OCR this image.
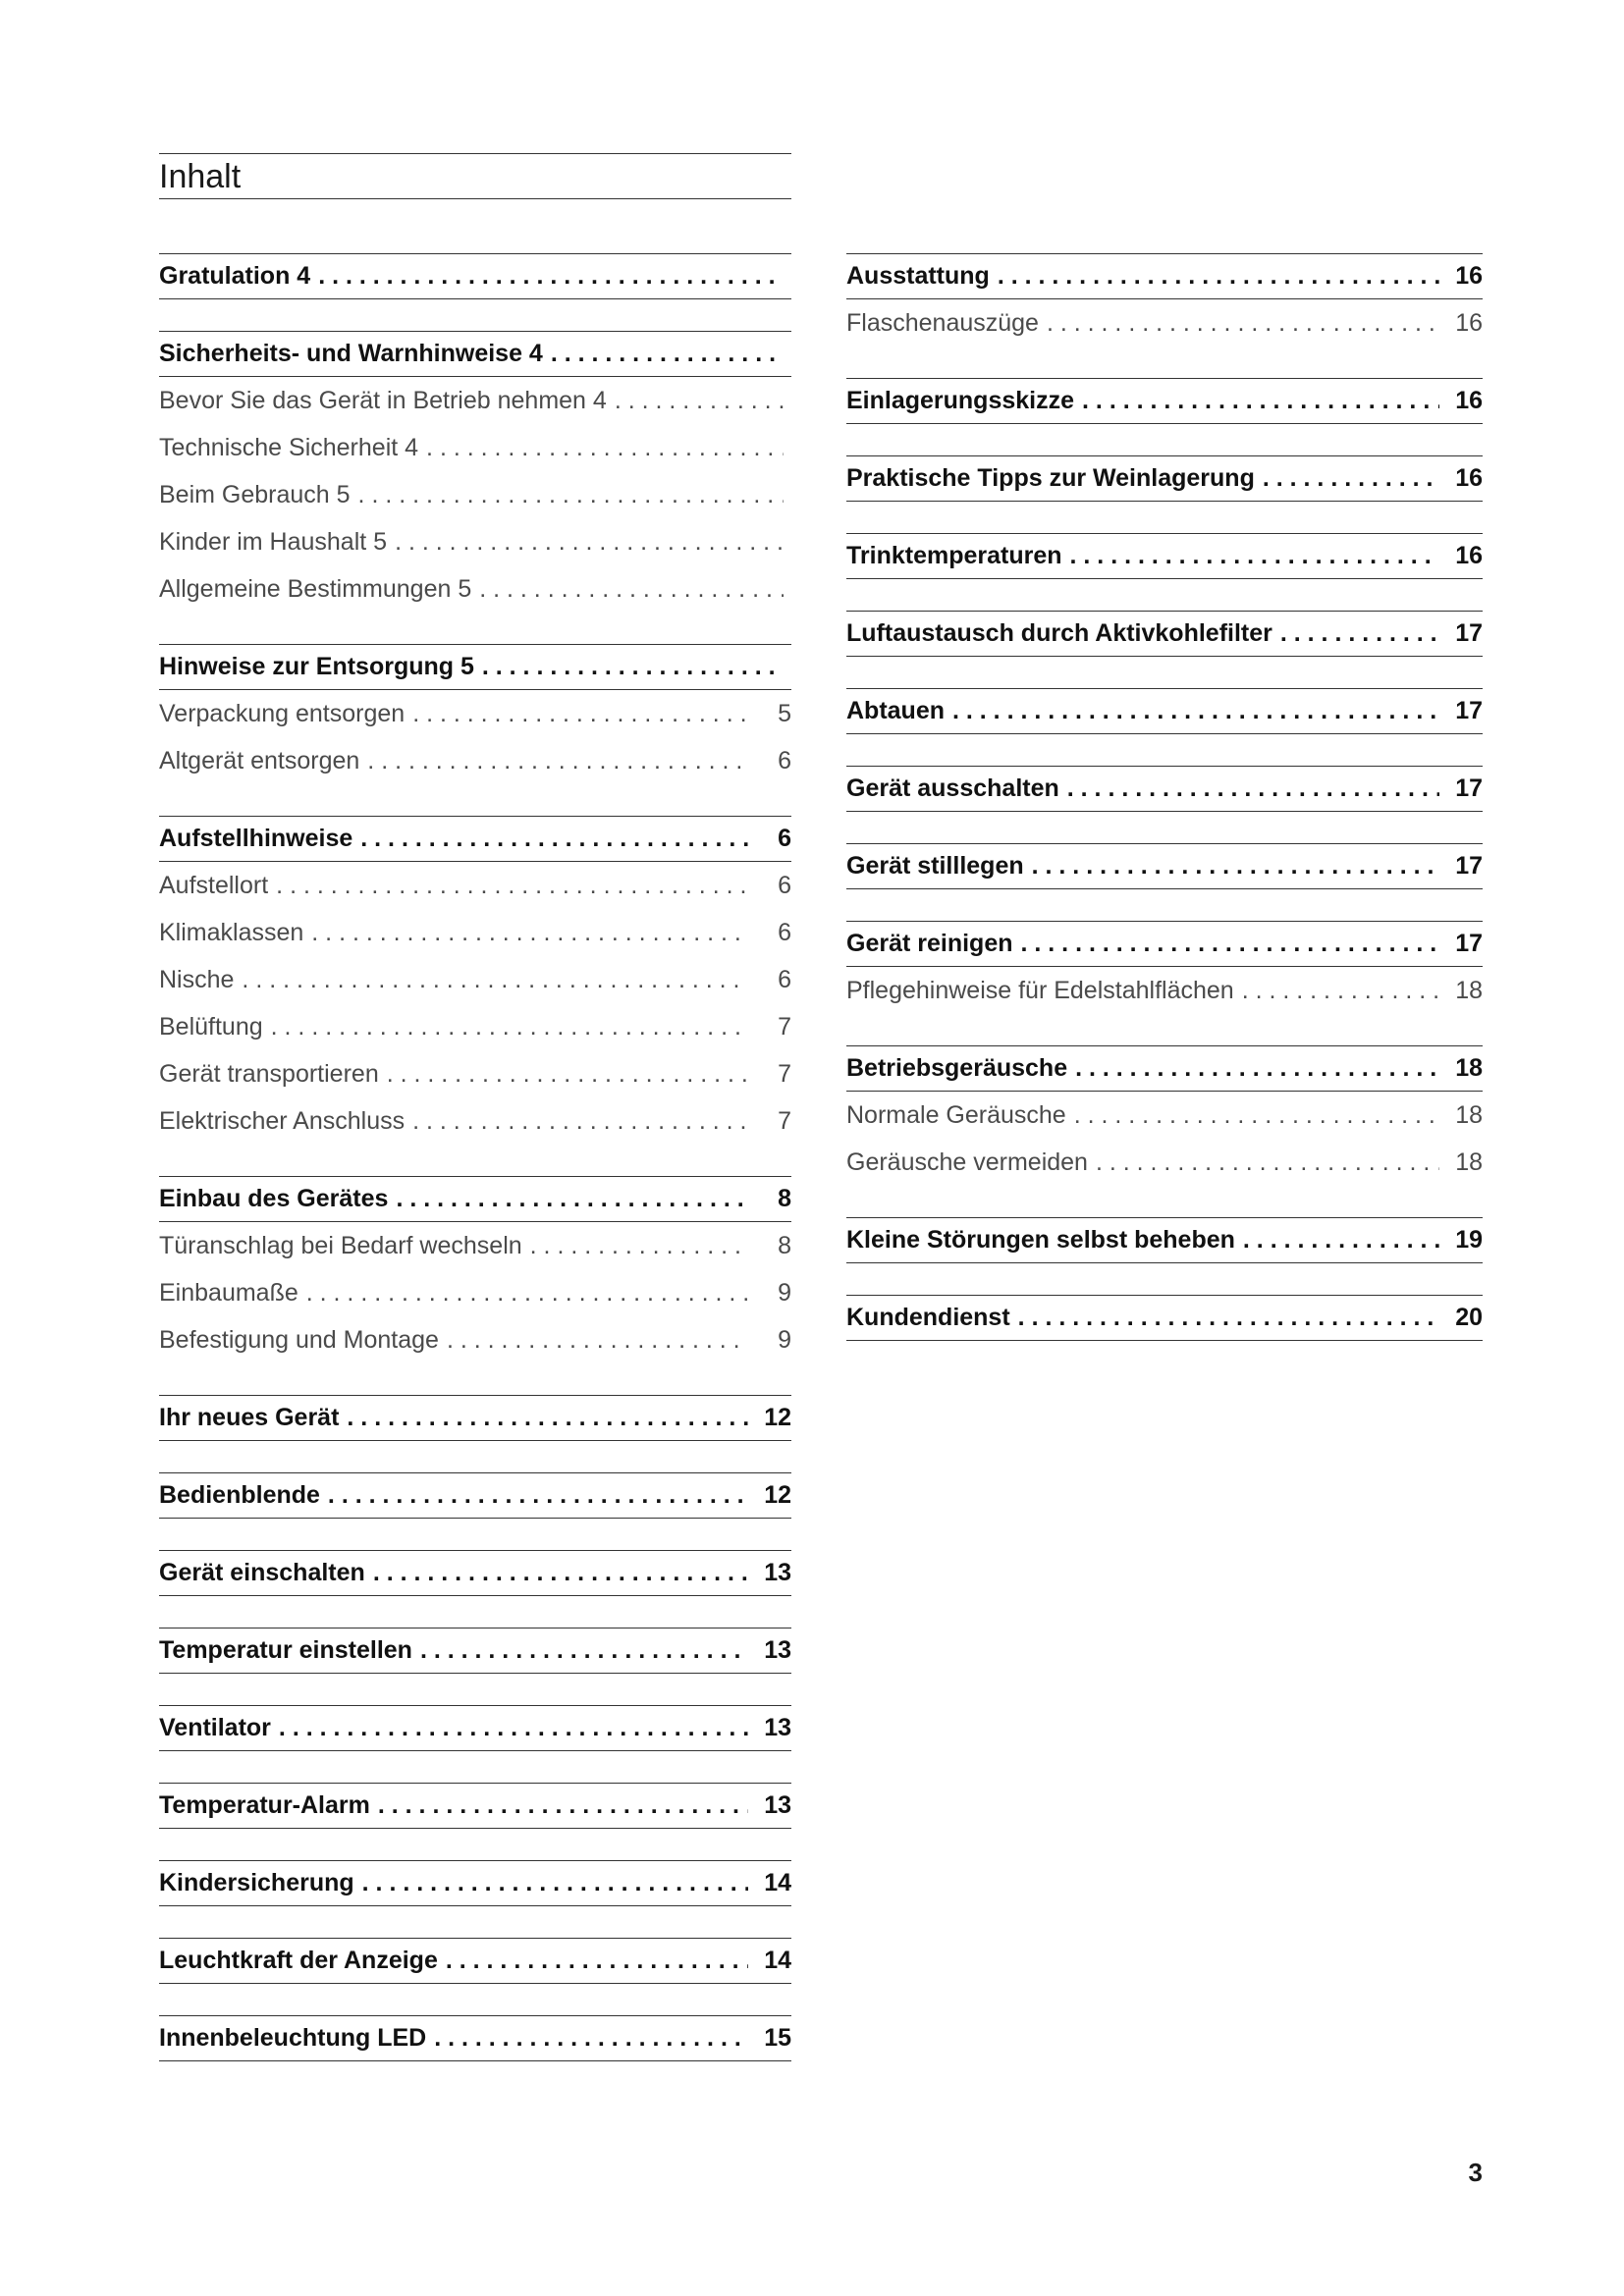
Inhalt
Gratulation 4
. . .
Sicherheits- und Warnhinweise 4
. . .
Bevor Sie das Gerät in Betrieb nehmen 4
. . .
Technische Sicherheit 4
. . .
Beim Gebrauch 5
. . .
Kinder im Haushalt 5
. . .
Allgemeine Bestimmungen 5
. . .
Hinweise zur Entsorgung 5
. . .
Verpackung entsorgen . . .	5
Altgerät entsorgen . . .	6
Aufstellhinweise . . .	6
Aufstellort . . .	6
Klimaklassen . . .	6
Nische . . .	6
Belüftung . . .	7
Gerät transportieren . . .	7
Elektrischer Anschluss . . .	7
Einbau des Gerätes . . .	8
Türanschlag bei Bedarf wechseln . . .	8
Einbaumaße . . .	9
Befestigung und Montage . . .	9
Ihr neues Gerät . . .	12
Bedienblende . . .	12
Gerät einschalten . . .	13
Temperatur einstellen . . .	13
Ventilator . . .	13
Temperatur-Alarm . . .	13
Kindersicherung . . .	14
Leuchtkraft der Anzeige . . .	14
Innenbeleuchtung LED . . .	15
Ausstattung . . .	16
Flaschenauszüge . . .	16
Einlagerungsskizze . . .	16
Praktische Tipps zur Weinlagerung . . .	16
Trinktemperaturen . . .	16
Luftaustausch durch Aktivkohlefilter . . .	17
Abtauen . . .	17
Gerät ausschalten . . .	17
Gerät stilllegen . . .	17
Gerät reinigen . . .	17
Pflegehinweise für Edelstahlflächen . . .	18
Betriebsgeräusche . . .	18
Normale Geräusche . . .	18
Geräusche vermeiden . . .	18
Kleine Störungen selbst beheben . . .	19
Kundendienst . . .	20
3
